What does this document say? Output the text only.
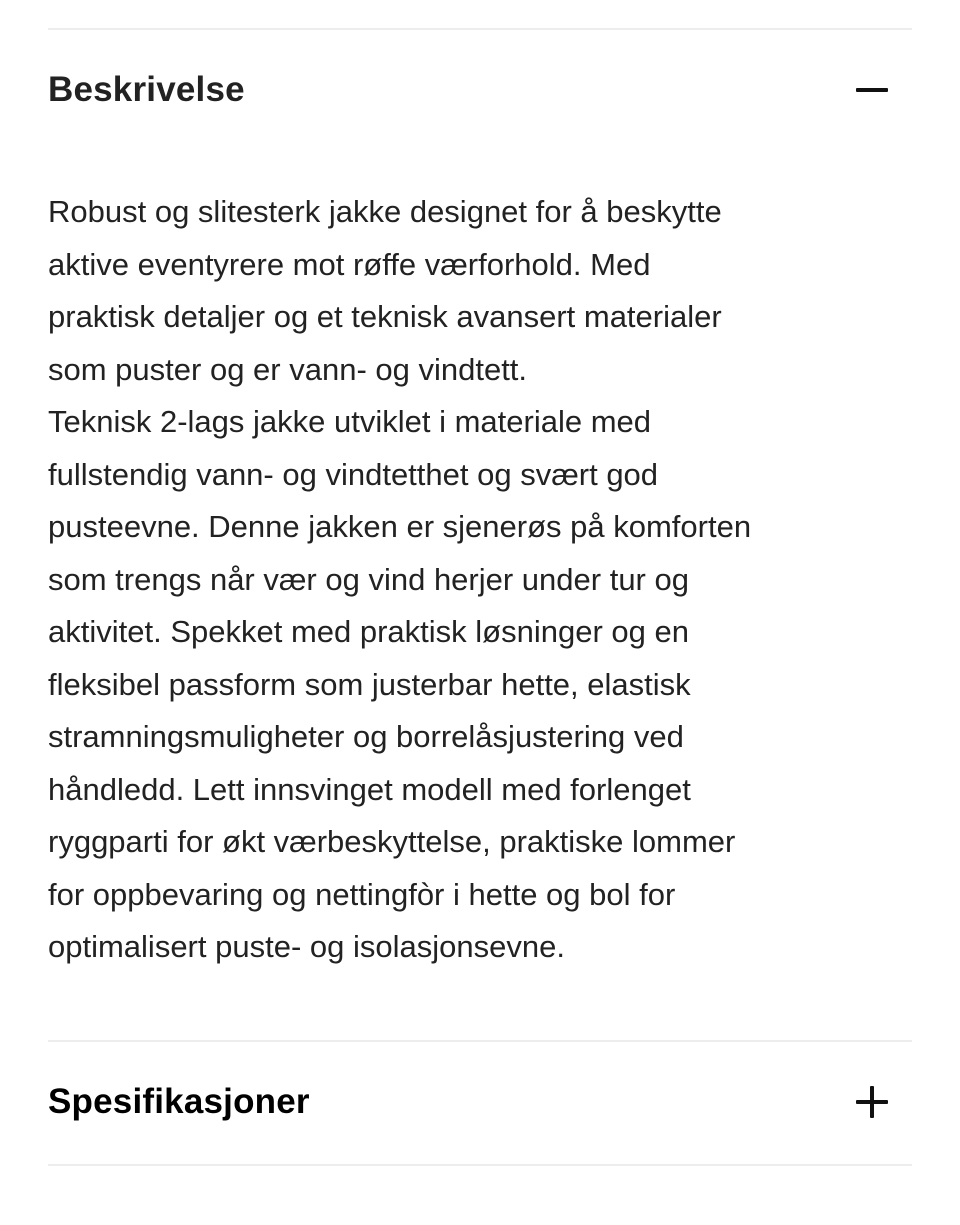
Beskrivelse
Robust og slitesterk jakke designet for å beskytte
aktive eventyrere mot røffe værforhold. Med
praktisk detaljer og et teknisk avansert materialer
som puster og er vann- og vindtett.
Teknisk 2-lags jakke utviklet i materiale med
fullstendig vann- og vindtetthet og svært god
pusteevne. Denne jakken er sjenerøs på komforten
som trengs når vær og vind herjer under tur og
aktivitet. Spekket med praktisk løsninger og en
fleksibel passform som justerbar hette, elastisk
stramningsmuligheter og borrelåsjustering ved
håndledd. Lett innsvinget modell med forlenget
ryggparti for økt værbeskyttelse, praktiske lommer
for oppbevaring og nettingfòr i hette og bol for
optimalisert puste- og isolasjonsevne.
Spesifikasjoner
